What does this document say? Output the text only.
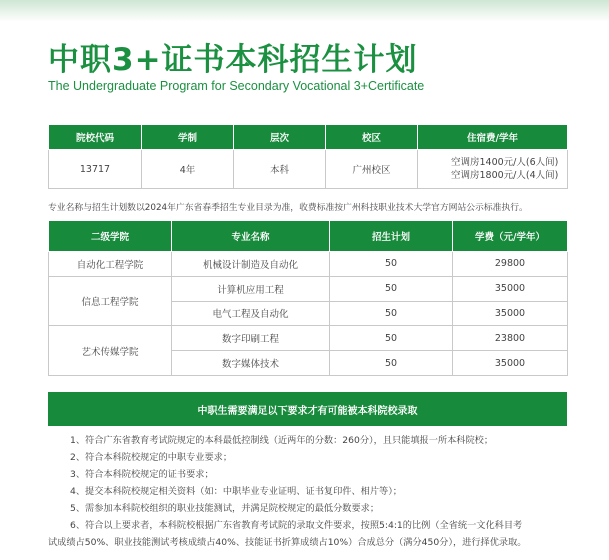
中职3+证书本科招生计划
The Undergraduate Program for Secondary Vocational 3+Certificate
院校代码	学制	层次	校区	住宿费/学年
13717	4年	本科	广州校区	空调房1400元/人(6人间)
空调房1800元/人(4人间)
专业名称与招生计划数以2024年广东省春季招生专业目录为准，收费标准按广州科技职业技术大学官方网站公示标准执行。
二级学院	专业名称	招生计划	学费（元/学年）
自动化工程学院	机械设计制造及自动化	50	29800
信息工程学院	计算机应用工程	50	35000
	电气工程及自动化	50	35000
艺术传媒学院	数字印刷工程	50	23800
	数字媒体技术	50	35000
中职生需要满足以下要求才有可能被本科院校录取
1、符合广东省教育考试院规定的本科最低控制线（近两年的分数：260分），且只能填报一所本科院校；
2、符合本科院校规定的中职专业要求；
3、符合本科院校规定的证书要求；
4、提交本科院校规定相关资料（如：中职毕业专业证明、证书复印件、相片等）；
5、需参加本科院校组织的职业技能测试，并满足院校规定的最低分数要求；
6、符合以上要求者，本科院校根据广东省教育考试院的录取文件要求，按照5:4:1的比例（全省统一文化科目考
试成绩占50%、职业技能测试考核成绩占40%、技能证书折算成绩占10%）合成总分（满分450分），进行择优录取。
